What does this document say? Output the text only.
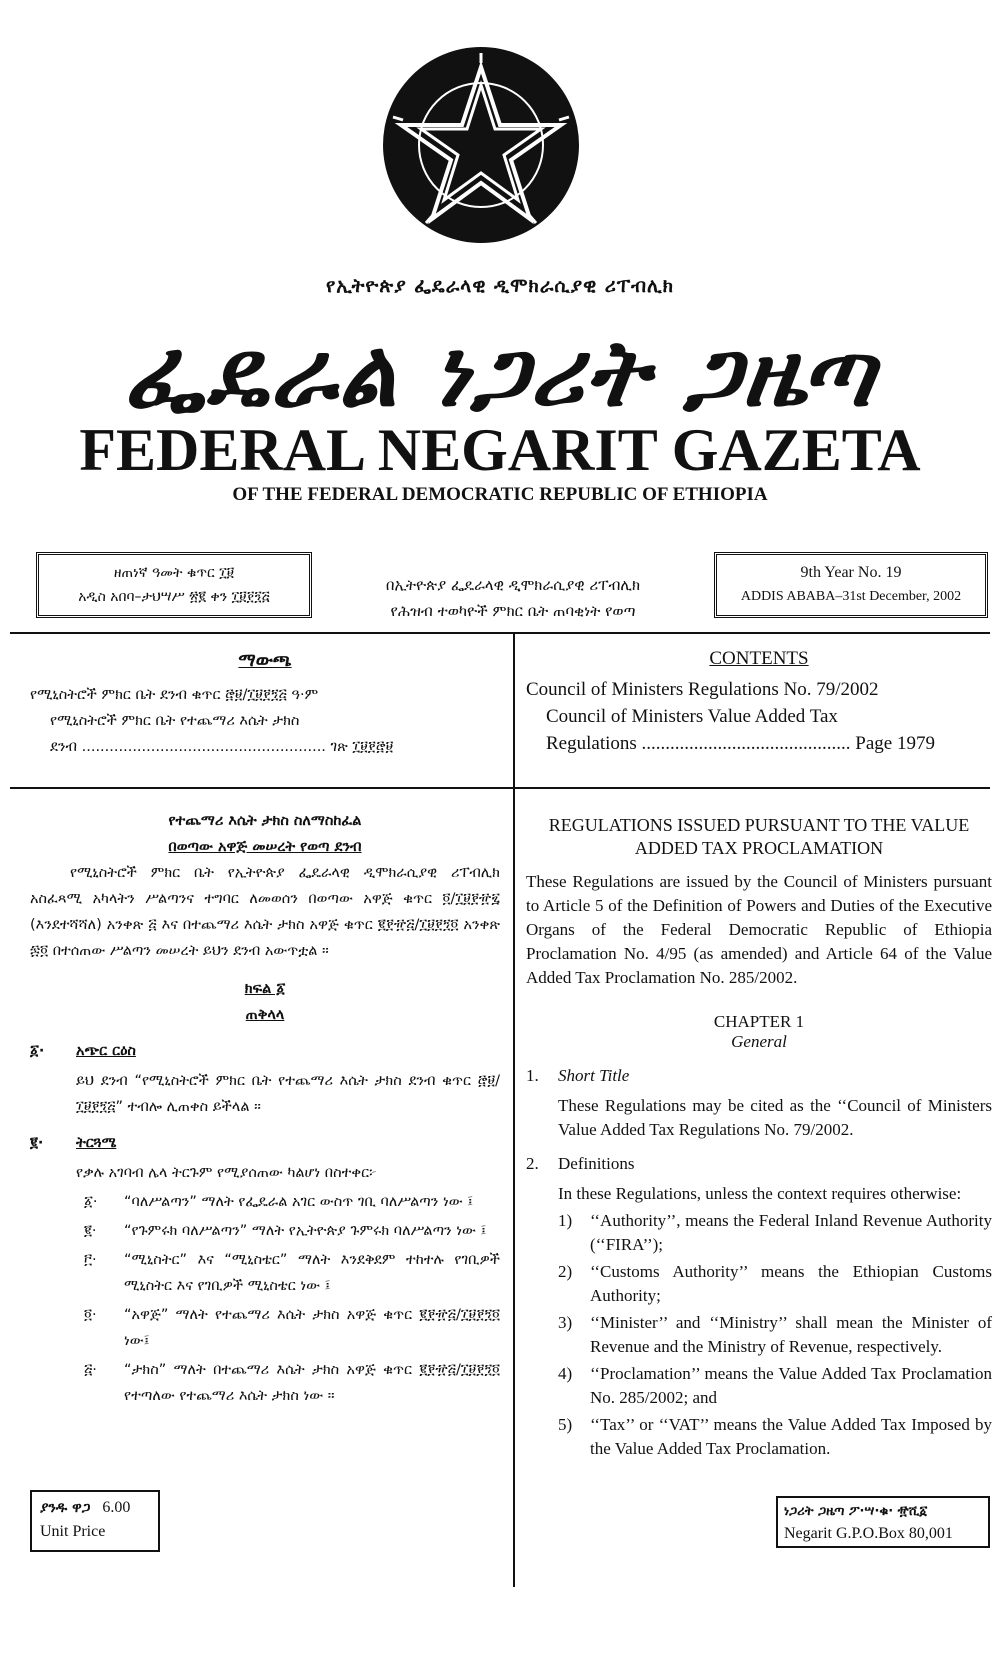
የኢትዮጵያ ፌዴራላዊ ዲሞክራሲያዊ ሪፐብሊክ
ፌዴራል ነጋሪት ጋዜጣ
FEDERAL NEGARIT GAZETA
OF THE FEDERAL DEMOCRATIC REPUBLIC OF ETHIOPIA
ዘጠነኛ ዓመት ቁጥር ፲፱
አዲስ አበባ–ታህሣሥ ፳፪ ቀን ፲፱፻፺፭
በኢትዮጵያ ፌዴራላዊ ዲሞክራሲያዊ ሪፐብሊክ
የሕዝብ ተወካዮች ምክር ቤት ጠባቂነት የወጣ
9th Year No. 19
ADDIS ABABA–31st December, 2002

ማውጫ

የሚኒስትሮች ምክር ቤት ደንብ ቁጥር ፸፱/፲፱፻፺፭ ዓ·ም

የሚኒስትሮች ምክር ቤት የተጨማሪ እሴት ታክስ

ደንብ ..................................................... ገጽ ፲፱፻፸፱

CONTENTS

Council of Ministers Regulations No. 79/2002

Council of Ministers Value Added Tax

Regulations ............................................ Page 1979

የተጨማሪ እሴት ታክስ ስለማስከፈል

በወጣው አዋጅ መሠረት የወጣ ደንብ

የሚኒስትሮች ምክር ቤት የኢትዮጵያ ፌዴራላዊ ዲሞክራሲያዊ ሪፐብሊክ አስፈጻሚ አካላትን ሥልጣንና ተግባር ለመወሰን በወጣው አዋጅ ቁጥር ፬/፲፱፻፹፯ (እንደተሻሻለ) አንቀጽ ፭ እና በተጨማሪ እሴት ታክስ አዋጅ ቁጥር ፪፻፹፭/፲፱፻፺፬ አንቀጽ ፷፬ በተሰጠው ሥልጣን መሠረት ይህን ደንብ አውጥቷል ።

ክፍል ፩

ጠቅላላ

፩· አጭር ርዕስ

ይህ ደንብ “የሚኒስትሮች ምክር ቤት የተጨማሪ እሴት ታክስ ደንብ ቁጥር ፸፱/፲፱፻፺፭” ተብሎ ሊጠቀስ ይችላል ።

፪· ትርጓሜ

የቃሉ አገባብ ሌላ ትርጉም የሚያሰጠው ካልሆነ በስተቀር፦

፩· “ባለሥልጣን” ማለት የፌዴራል አገር ውስጥ ገቢ ባለሥልጣን ነው ፤

፪· “የጉምሩክ ባለሥልጣን” ማለት የኢትዮጵያ ጉምሩክ ባለሥልጣን ነው ፤

፫· “ሚኒስትር” እና “ሚኒስቴር” ማለት እንደቅደም ተከተሉ የገቢዎች ሚኒስትር እና የገቢዎች ሚኒስቴር ነው ፤

፬· “አዋጅ” ማለት የተጨማሪ እሴት ታክስ አዋጅ ቁጥር ፪፻፹፭/፲፱፻፺፬ ነው፤

፭· “ታክስ” ማለት በተጨማሪ እሴት ታክስ አዋጅ ቁጥር ፪፻፹፭/፲፱፻፺፬ የተጣለው የተጨማሪ እሴት ታክስ ነው ።

REGULATIONS ISSUED PURSUANT TO THE VALUE ADDED TAX PROCLAMATION

These Regulations are issued by the Council of Ministers pursuant to Article 5 of the Definition of Powers and Duties of the Executive Organs of the Federal Democratic Republic of Ethiopia Proclamation No. 4/95 (as amended) and Article 64 of the Value Added Tax Proclamation No. 285/2002.

CHAPTER 1

General

1. Short Title

These Regulations may be cited as the ‘‘Council of Ministers Value Added Tax Regulations No. 79/2002.

2. Definitions

In these Regulations, unless the context requires otherwise:

1) ‘‘Authority’’, means the Federal Inland Revenue Authority (‘‘FIRA’’);

2) ‘‘Customs Authority’’ means the Ethiopian Customs Authority;

3) ‘‘Minister’’ and ‘‘Ministry’’ shall mean the Minister of Revenue and the Ministry of Revenue, respectively.

4) ‘‘Proclamation’’ means the Value Added Tax Proclamation No. 285/2002; and

5) ‘‘Tax’’ or ‘‘VAT’’ means the Value Added Tax Imposed by the Value Added Tax Proclamation.

ያንዱ ዋጋ 6.00
Unit Price
ነጋሪት ጋዜጣ ፖ·ሣ·ቁ· ፹ሺ፩
Negarit G.P.O.Box 80,001
